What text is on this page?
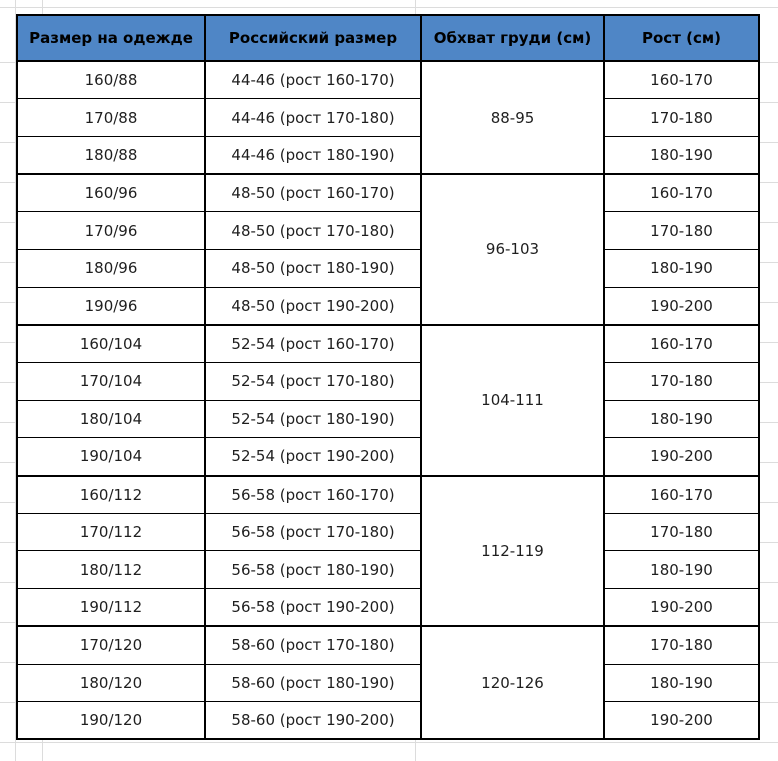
Размер на одежде	Российский размер	Обхват груди (см)	Рост (см)
160/88	44-46 (рост 160-170)	88-95	160-170
170/88	44-46 (рост 170-180)		170-180
180/88	44-46 (рост 180-190)		180-190
160/96	48-50 (рост 160-170)	96-103	160-170
170/96	48-50 (рост 170-180)		170-180
180/96	48-50 (рост 180-190)		180-190
190/96	48-50 (рост 190-200)		190-200
160/104	52-54 (рост 160-170)	104-111	160-170
170/104	52-54 (рост 170-180)		170-180
180/104	52-54 (рост 180-190)		180-190
190/104	52-54 (рост 190-200)		190-200
160/112	56-58 (рост 160-170)	112-119	160-170
170/112	56-58 (рост 170-180)		170-180
180/112	56-58 (рост 180-190)		180-190
190/112	56-58 (рост 190-200)		190-200
170/120	58-60 (рост 170-180)	120-126	170-180
180/120	58-60 (рост 180-190)		180-190
190/120	58-60 (рост 190-200)		190-200
